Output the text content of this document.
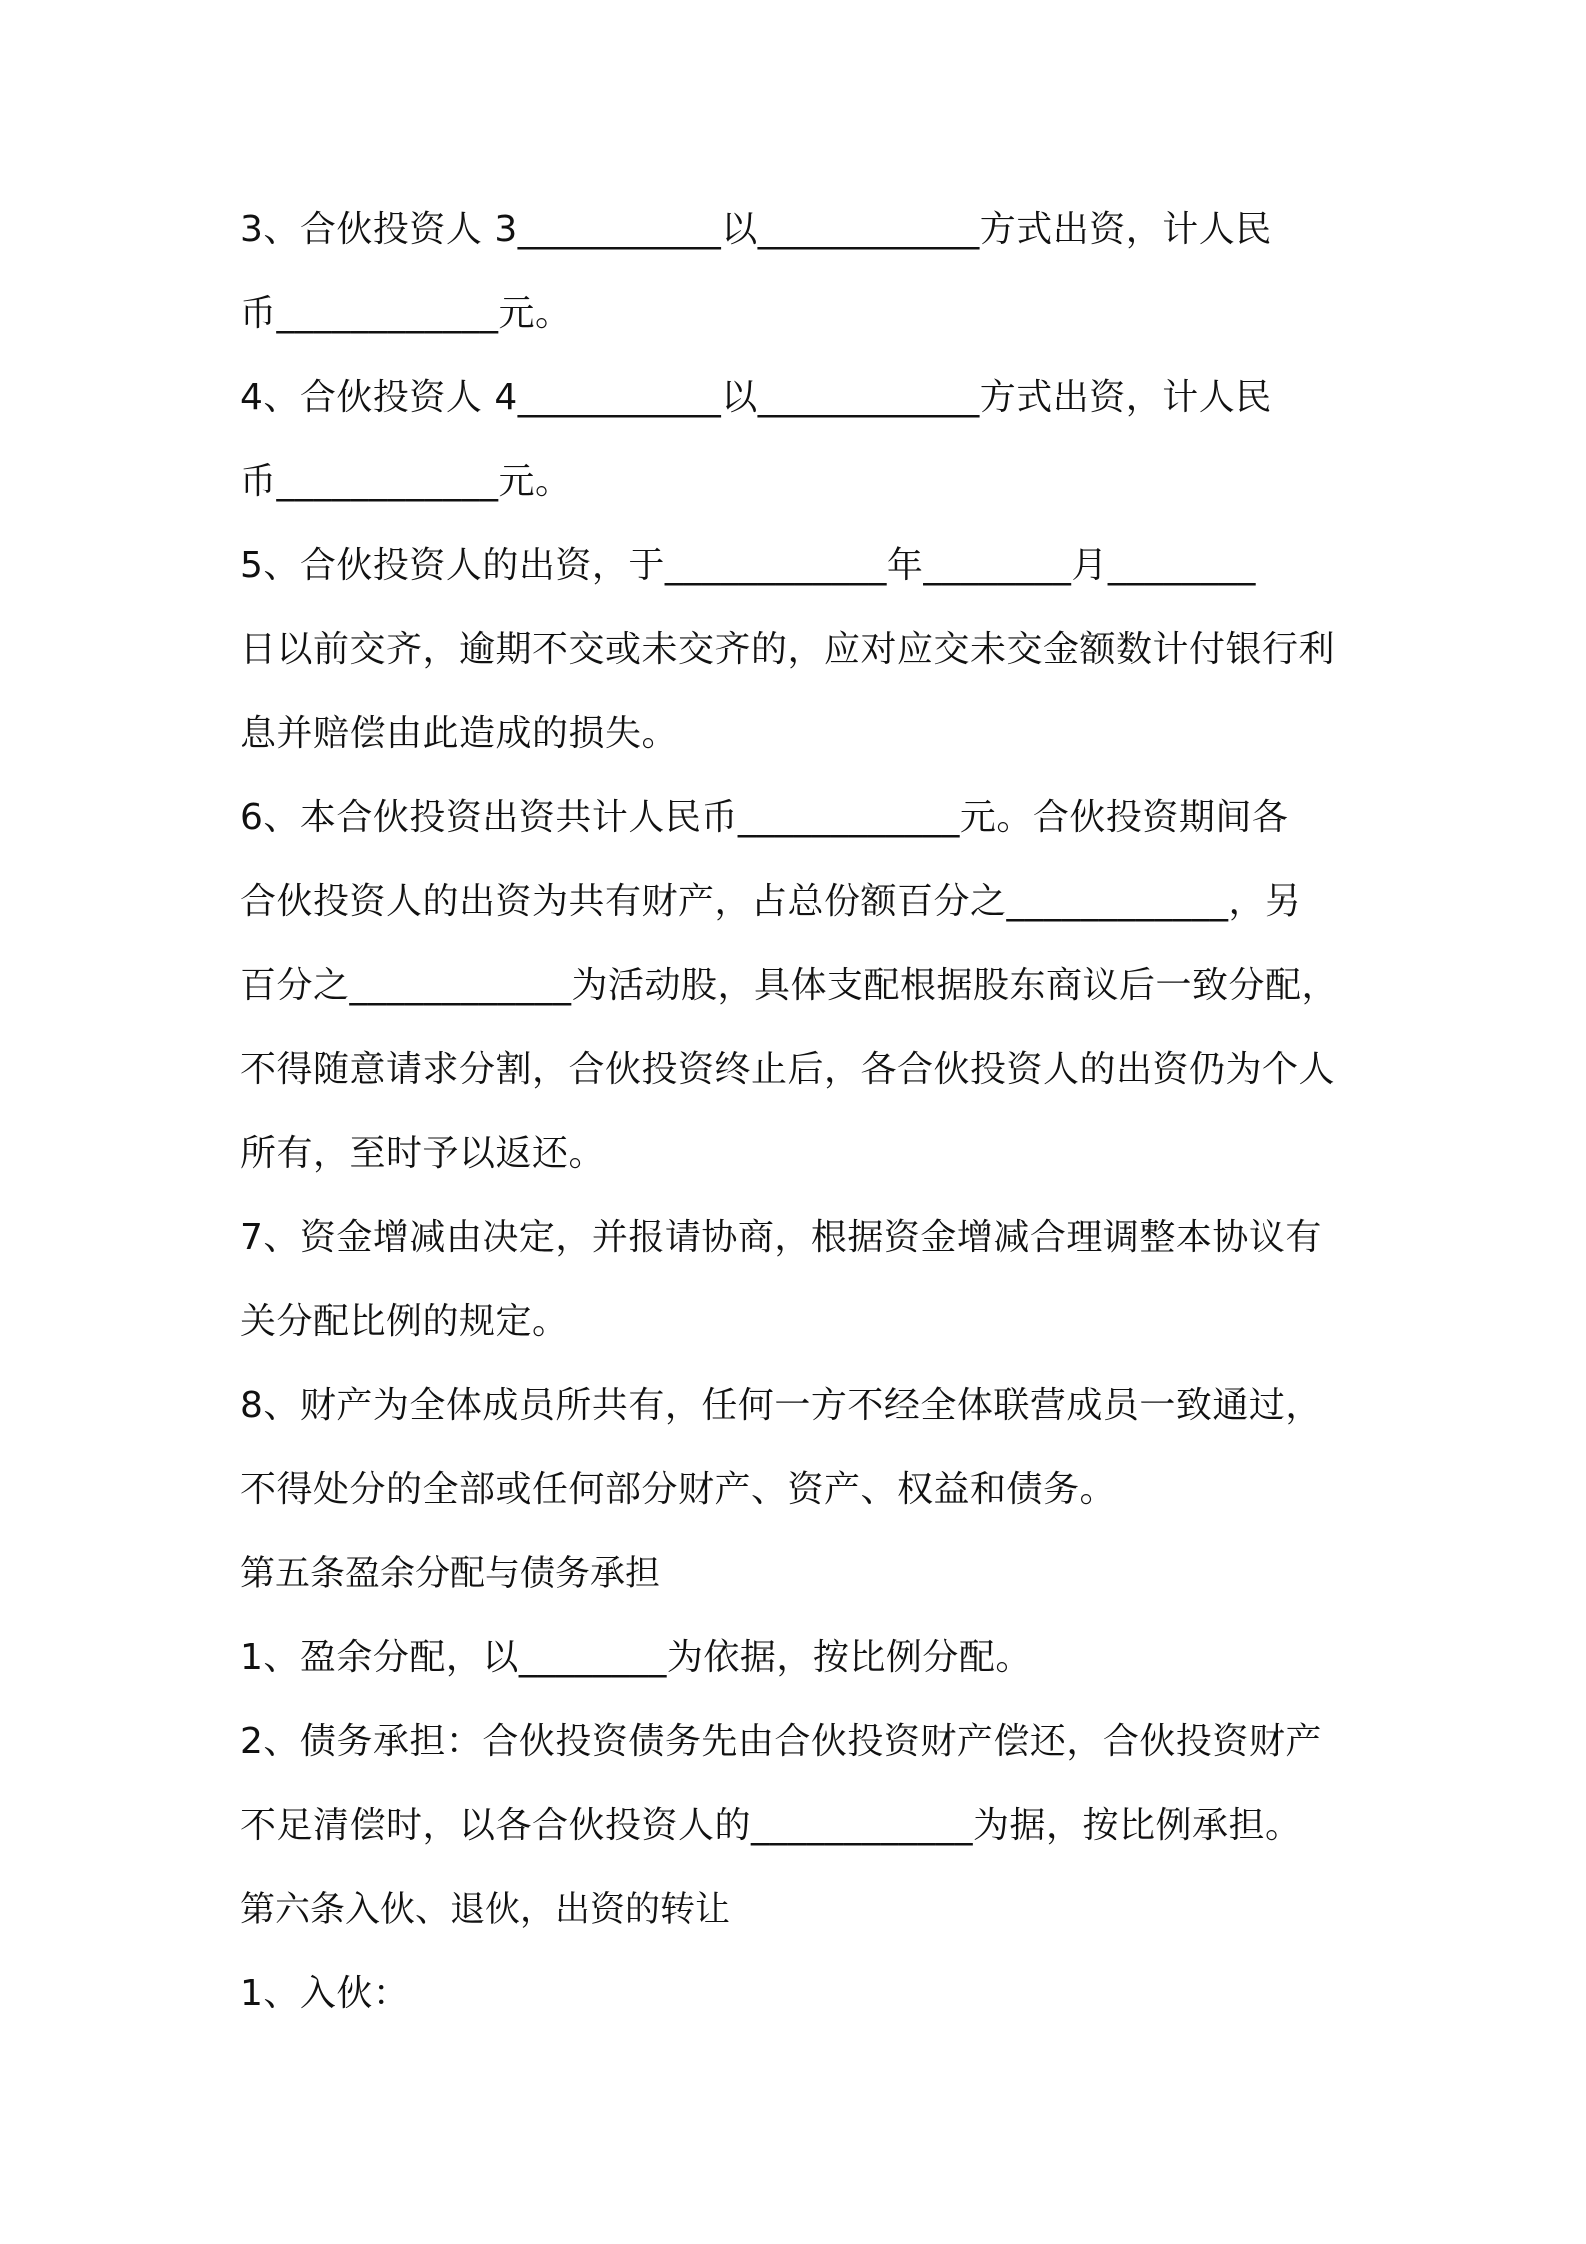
3、合伙投资人 3___________以____________方式出资，计人民
币____________元。
4、合伙投资人 4___________以____________方式出资，计人民
币____________元。
5、合伙投资人的出资，于____________年________月________
日以前交齐，逾期不交或未交齐的，应对应交未交金额数计付银行利
息并赔偿由此造成的损失。
6、本合伙投资出资共计人民币____________元。合伙投资期间各
合伙投资人的出资为共有财产，占总份额百分之____________，另
百分之____________为活动股，具体支配根据股东商议后一致分配，
不得随意请求分割，合伙投资终止后，各合伙投资人的出资仍为个人
所有，至时予以返还。
7、资金增减由决定，并报请协商，根据资金增减合理调整本协议有
关分配比例的规定。
8、财产为全体成员所共有，任何一方不经全体联营成员一致通过，
不得处分的全部或任何部分财产、资产、权益和债务。
第五条盈余分配与债务承担
1、盈余分配，以________为依据，按比例分配。
2、债务承担：合伙投资债务先由合伙投资财产偿还，合伙投资财产
不足清偿时，以各合伙投资人的____________为据，按比例承担。
第六条入伙、退伙，出资的转让
1、入伙：
